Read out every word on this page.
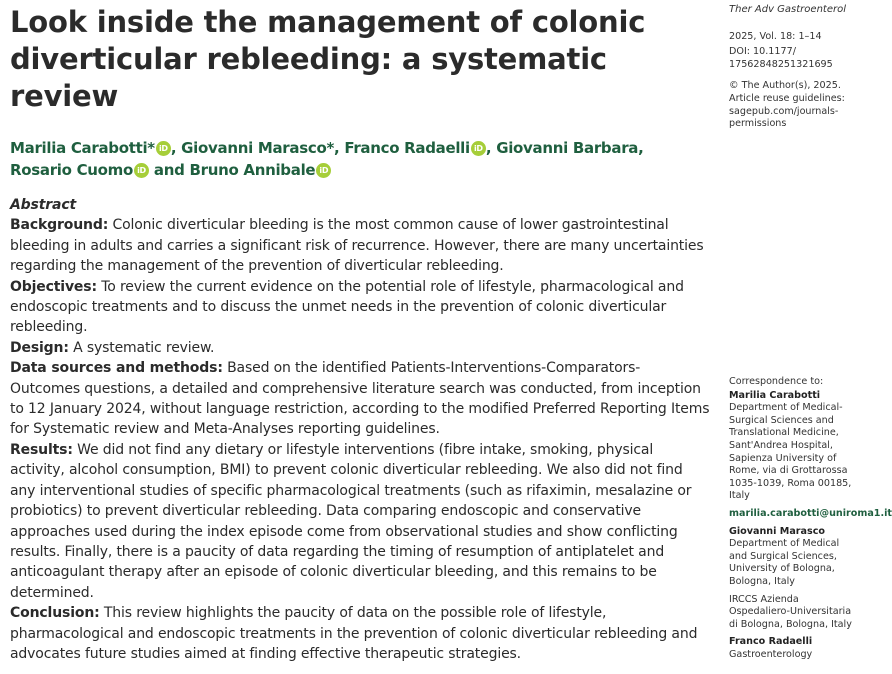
Look inside the management of colonic diverticular rebleeding: a systematic review
Marilia Carabotti* iD , Giovanni Marasco*, Franco Radaelli iD , Giovanni Barbara,
Rosario Cuomo iD and Bruno Annibale iD
Abstract

Background: Colonic diverticular bleeding is the most common cause of lower gastrointestinal bleeding in adults and carries a significant risk of recurrence. However, there are many uncertainties regarding the management of the prevention of diverticular rebleeding.

Objectives: To review the current evidence on the potential role of lifestyle, pharmacological and endoscopic treatments and to discuss the unmet needs in the prevention of colonic diverticular rebleeding.

Design: A systematic review.

Data sources and methods: Based on the identified Patients-Interventions-Comparators-Outcomes questions, a detailed and comprehensive literature search was conducted, from inception to 12 January 2024, without language restriction, according to the modified Preferred Reporting Items for Systematic review and Meta-Analyses reporting guidelines.

Results: We did not find any dietary or lifestyle interventions (fibre intake, smoking, physical activity, alcohol consumption, BMI) to prevent colonic diverticular rebleeding. We also did not find any interventional studies of specific pharmacological treatments (such as rifaximin, mesalazine or probiotics) to prevent diverticular rebleeding. Data comparing endoscopic and conservative approaches used during the index episode come from observational studies and show conflicting results. Finally, there is a paucity of data regarding the timing of resumption of antiplatelet and anticoagulant therapy after an episode of colonic diverticular bleeding, and this remains to be determined.

Conclusion: This review highlights the paucity of data on the possible role of lifestyle, pharmacological and endoscopic treatments in the prevention of colonic diverticular rebleeding and advocates future studies aimed at finding effective therapeutic strategies.

Ther Adv Gastroenterol
2025, Vol. 18: 1–14
DOI: 10.1177/
17562848251321695
© The Author(s), 2025. Article reuse guidelines: sagepub.com/journals-permissions
Correspondence to:
Marilia Carabotti
Department of Medical-Surgical Sciences and Translational Medicine, Sant'Andrea Hospital, Sapienza University of Rome, via di Grottarossa 1035-1039, Roma 00185, Italy
marilia.carabotti@uniroma1.it
Giovanni Marasco
Department of Medical and Surgical Sciences, University of Bologna, Bologna, Italy
IRCCS Azienda Ospedaliero-Universitaria di Bologna, Bologna, Italy
Franco Radaelli
Gastroenterology
